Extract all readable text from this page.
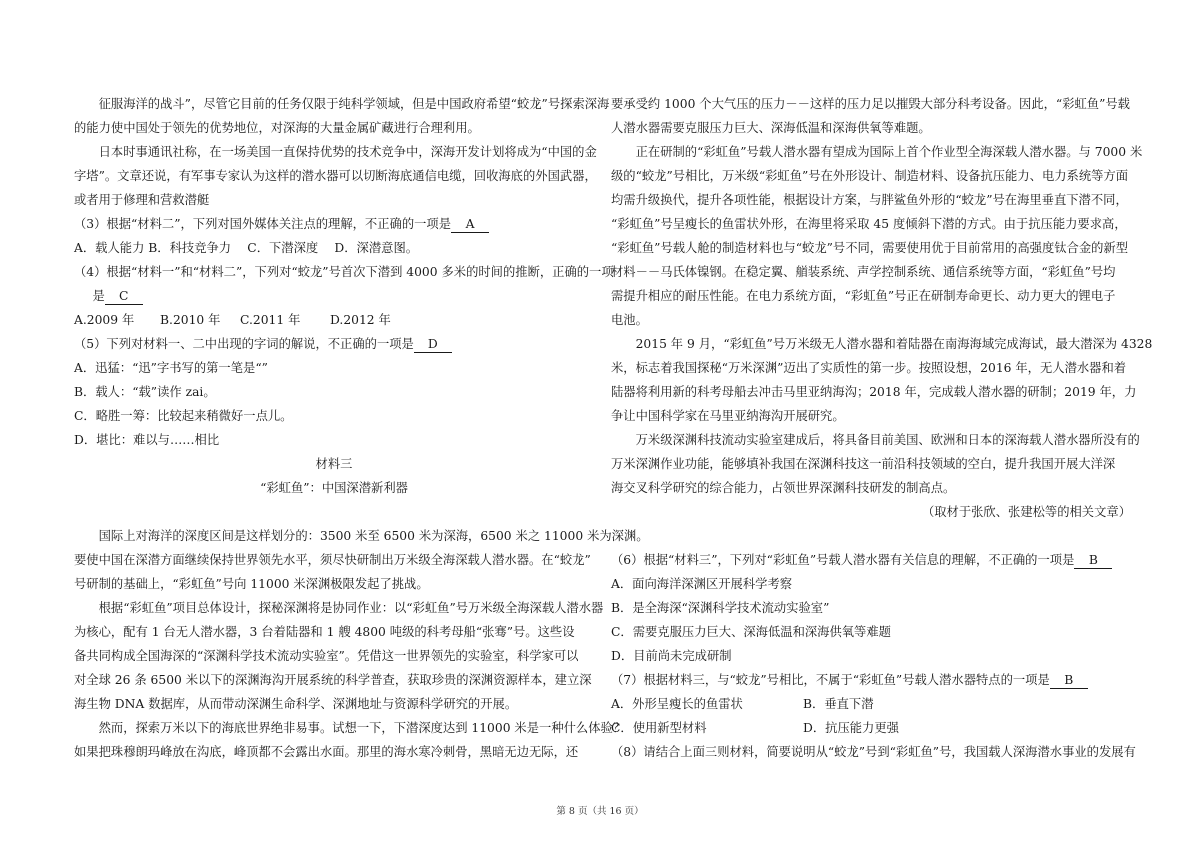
征服海洋的战斗”，尽管它目前的任务仅限于纯科学领域，但是中国政府希望“蛟龙”号探索深海

的能力使中国处于领先的优势地位，对深海的大量金属矿藏进行合理利用。

日本时事通讯社称，在一场美国一直保持优势的技术竞争中，深海开发计划将成为“中国的金

字塔”。文章还说，有军事专家认为这样的潜水器可以切断海底通信电缆，回收海底的外国武器，

或者用于修理和营救潜艇

（3）根据“材料二”，下列对国外媒体关注点的理解，不正确的一项是 A

A．载人能力 B．科技竞争力　 C．下潜深度　 D．深潜意图。

（4）根据“材料一”和“材料二”，下列对“蛟龙”号首次下潜到 4000 多米的时间的推断，正确的一项

是 C

A.2009 年 B.2010 年 C.2011 年 D.2012 年

（5）下列对材料一、二中出现的字词的解说，不正确的一项是 D

A．迅猛：“迅”字书写的第一笔是“”

B．载人：“载”读作 zai。

C．略胜一筹：比较起来稍微好一点儿。

D．堪比：难以与……相比

材料三

“彩虹鱼”：中国深潜新利器

国际上对海洋的深度区间是这样划分的：3500 米至 6500 米为深海，6500 米之 11000 米为深渊。

要使中国在深潜方面继续保持世界领先水平，须尽快研制出万米级全海深载人潜水器。在“蛟龙”

号研制的基础上，“彩虹鱼”号向 11000 米深渊极限发起了挑战。

根据“彩虹鱼”项目总体设计，探秘深渊将是协同作业：以“彩虹鱼”号万米级全海深载人潜水器

为核心，配有 1 台无人潜水器，3 台着陆器和 1 艘 4800 吨级的科考母船“张骞”号。这些设

备共同构成全国海深的“深渊科学技术流动实验室”。凭借这一世界领先的实验室，科学家可以

对全球 26 条 6500 米以下的深渊海沟开展系统的科学普查，获取珍贵的深渊资源样本，建立深

海生物 DNA 数据库，从而带动深渊生命科学、深渊地址与资源科学研究的开展。

然而，探索万米以下的海底世界绝非易事。试想一下，下潜深度达到 11000 米是一种什么体验？

如果把珠穆朗玛峰放在沟底，峰顶都不会露出水面。那里的海水寒冷刺骨，黑暗无边无际，还

要承受约 1000 个大气压的压力－－这样的压力足以摧毁大部分科考设备。因此，“彩虹鱼”号载

人潜水器需要克服压力巨大、深海低温和深海供氧等难题。

正在研制的“彩虹鱼”号载人潜水器有望成为国际上首个作业型全海深载人潜水器。与 7000 米

级的“蛟龙”号相比，万米级“彩虹鱼”号在外形设计、制造材料、设备抗压能力、电力系统等方面

均需升级换代，提升各项性能，根据设计方案，与胖鲨鱼外形的“蛟龙”号在海里垂直下潜不同，

“彩虹鱼”号呈瘦长的鱼雷状外形，在海里将采取 45 度倾斜下潜的方式。由于抗压能力要求高，

“彩虹鱼”号载人舱的制造材料也与“蛟龙”号不同，需要使用优于目前常用的高强度钛合金的新型

材料－－马氏体镍钢。在稳定翼、艏装系统、声学控制系统、通信系统等方面，“彩虹鱼”号均

需提升相应的耐压性能。在电力系统方面，“彩虹鱼”号正在研制寿命更长、动力更大的锂电子

电池。

2015 年 9 月，“彩虹鱼”号万米级无人潜水器和着陆器在南海海域完成海试，最大潜深为 4328

米，标志着我国探秘“万米深渊”迈出了实质性的第一步。按照设想，2016 年，无人潜水器和着

陆器将利用新的科考母船去冲击马里亚纳海沟；2018 年，完成载人潜水器的研制；2019 年，力

争让中国科学家在马里亚纳海沟开展研究。

万米级深渊科技流动实验室建成后，将具备目前美国、欧洲和日本的深海载人潜水器所没有的

万米深渊作业功能，能够填补我国在深渊科技这一前沿科技领域的空白，提升我国开展大洋深

海交叉科学研究的综合能力，占领世界深渊科技研发的制高点。

（取材于张欣、张建松等的相关文章）

（6）根据“材料三”，下列对“彩虹鱼”号载人潜水器有关信息的理解，不正确的一项是 B

A．面向海洋深渊区开展科学考察

B．是全海深“深渊科学技术流动实验室”

C．需要克服压力巨大、深海低温和深海供氧等难题

D．目前尚未完成研制

（7）根据材料三，与“蛟龙”号相比，不属于“彩虹鱼”号载人潜水器特点的一项是 B

A．外形呈瘦长的鱼雷状	B．垂直下潜

C．使用新型材料	D．抗压能力更强

（8）请结合上面三则材料，简要说明从“蛟龙”号到“彩虹鱼”号，我国载人深海潜水事业的发展有

第 8 页（共 16 页）
